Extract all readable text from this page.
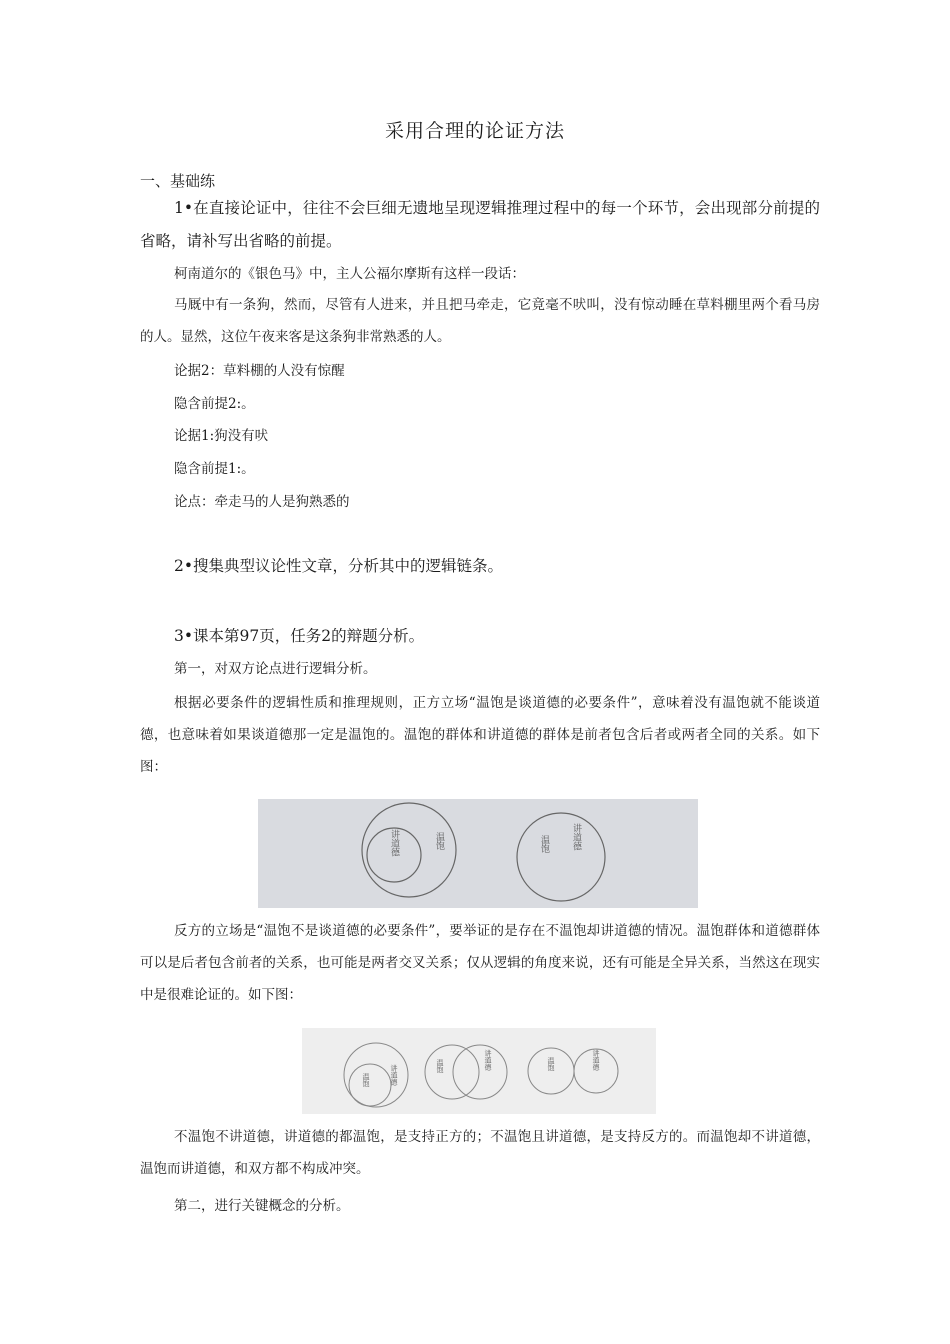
采用合理的论证方法
一、基础练
1•在直接论证中，往往不会巨细无遗地呈现逻辑推理过程中的每一个环节，会出现部分前提的省略，请补写出省略的前提。
柯南道尔的《银色马》中，主人公福尔摩斯有这样一段话：
马厩中有一条狗，然而，尽管有人进来，并且把马牵走，它竟毫不吠叫，没有惊动睡在草料棚里两个看马房的人。显然，这位午夜来客是这条狗非常熟悉的人。
论据2：草料棚的人没有惊醒
隐含前提2:。
论据1:狗没有吠
隐含前提1:。
论点：牵走马的人是狗熟悉的
2•搜集典型议论性文章，分析其中的逻辑链条。
3•课本第97页，任务2的辩题分析。
第一，对双方论点进行逻辑分析。
根据必要条件的逻辑性质和推理规则，正方立场“温饱是谈道德的必要条件”，意味着没有温饱就不能谈道德，也意味着如果谈道德那一定是温饱的。温饱的群体和讲道德的群体是前者包含后者或两者全同的关系。如下图：
讲道德	温饱	温饱 讲道德
反方的立场是“温饱不是谈道德的必要条件”，要举证的是存在不温饱却讲道德的情况。温饱群体和道德群体可以是后者包含前者的关系，也可能是两者交叉关系；仅从逻辑的角度来说，还有可能是全异关系，当然这在现实中是很难论证的。如下图：
温饱	讲道德	温饱	讲道德	温饱	讲道德
不温饱不讲道德，讲道德的都温饱，是支持正方的；不温饱且讲道德，是支持反方的。而温饱却不讲道德，温饱而讲道德，和双方都不构成冲突。
第二，进行关键概念的分析。
